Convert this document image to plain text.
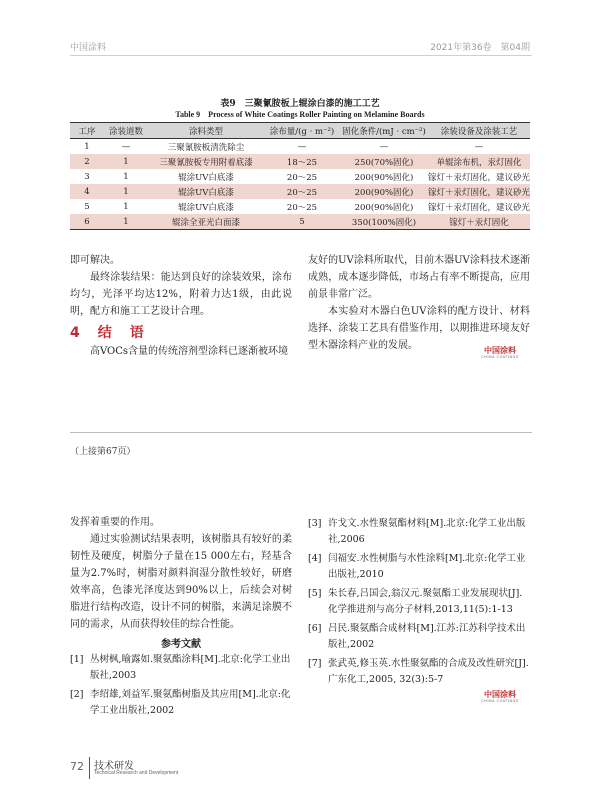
中国涂料	2021年第36卷　第04期
表9　三聚氰胺板上辊涂白漆的施工工艺
Table 9　Process of White Coatings Roller Painting on Melamine Boards
工序	涂装道数	涂料类型	涂布量/(g · m⁻²)	固化条件/(mJ · cm⁻²)	涂装设备及涂装工艺
1	—	三聚氰胺板清洗除尘	—	—	—
2	1	三聚氰胺板专用附着底漆	18～25	250(70%固化)	单辊涂布机，汞灯固化
3	1	辊涂UV白底漆	20～25	200(90%固化)	镓灯＋汞灯固化，建议砂光
4	1	辊涂UV白底漆	20～25	200(90%固化)	镓灯＋汞灯固化，建议砂光
5	1	辊涂UV白底漆	20～25	200(90%固化)	镓灯＋汞灯固化，建议砂光
6	1	辊涂全亚光白面漆	5	350(100%固化)	镓灯＋汞灯固化

即可解决。

最终涂装结果：能达到良好的涂装效果，涂布均匀，光泽平均达12%，附着力达1级，由此说明，配方和施工工艺设计合理。

4　结　语

高VOCs含量的传统溶剂型涂料已逐渐被环境

友好的UV涂料所取代，目前木器UV涂料技术逐渐成熟，成本逐步降低，市场占有率不断提高，应用前景非常广泛。

本实验对木器白色UV涂料的配方设计、材料选择、涂装工艺具有借鉴作用，以期推进环境友好型木器涂料产业的发展。	中国涂料
CHINA COATINGS
（上接第67页）

发挥着重要的作用。

通过实验测试结果表明，该树脂具有较好的柔韧性及硬度，树脂分子量在15 000左右，羟基含量为2.7%时，树脂对颜料润湿分散性较好，研磨效率高，色漆光泽度达到90%以上，后续会对树脂进行结构改造，设计不同的树脂，来满足涂膜不同的需求，从而获得较佳的综合性能。

参考文献
[1] 丛树枫,喻露如.聚氨酯涂料[M].北京:化学工业出版社,2003
[2] 李绍雄,刘益军.聚氨酯树脂及其应用[M].北京:化学工业出版社,2002
[3] 许戈文.水性聚氨酯材料[M].北京:化学工业出版社,2006
[4] 闫福安.水性树脂与水性涂料[M].北京:化学工业出版社,2010
[5] 朱长春,吕国会,翁汉元.聚氨酯工业发展现状[J].化学推进剂与高分子材料,2013,11(5):1-13
[6] 吕民.聚氨酯合成材料[M].江苏:江苏科学技术出版社,2002
[7] 张武英,修玉英.水性聚氨酯的合成及改性研究[J].广东化工,2005, 32(3):5-7
中国涂料
CHINA COATINGS
72 技术研发
Technical Research and Development
